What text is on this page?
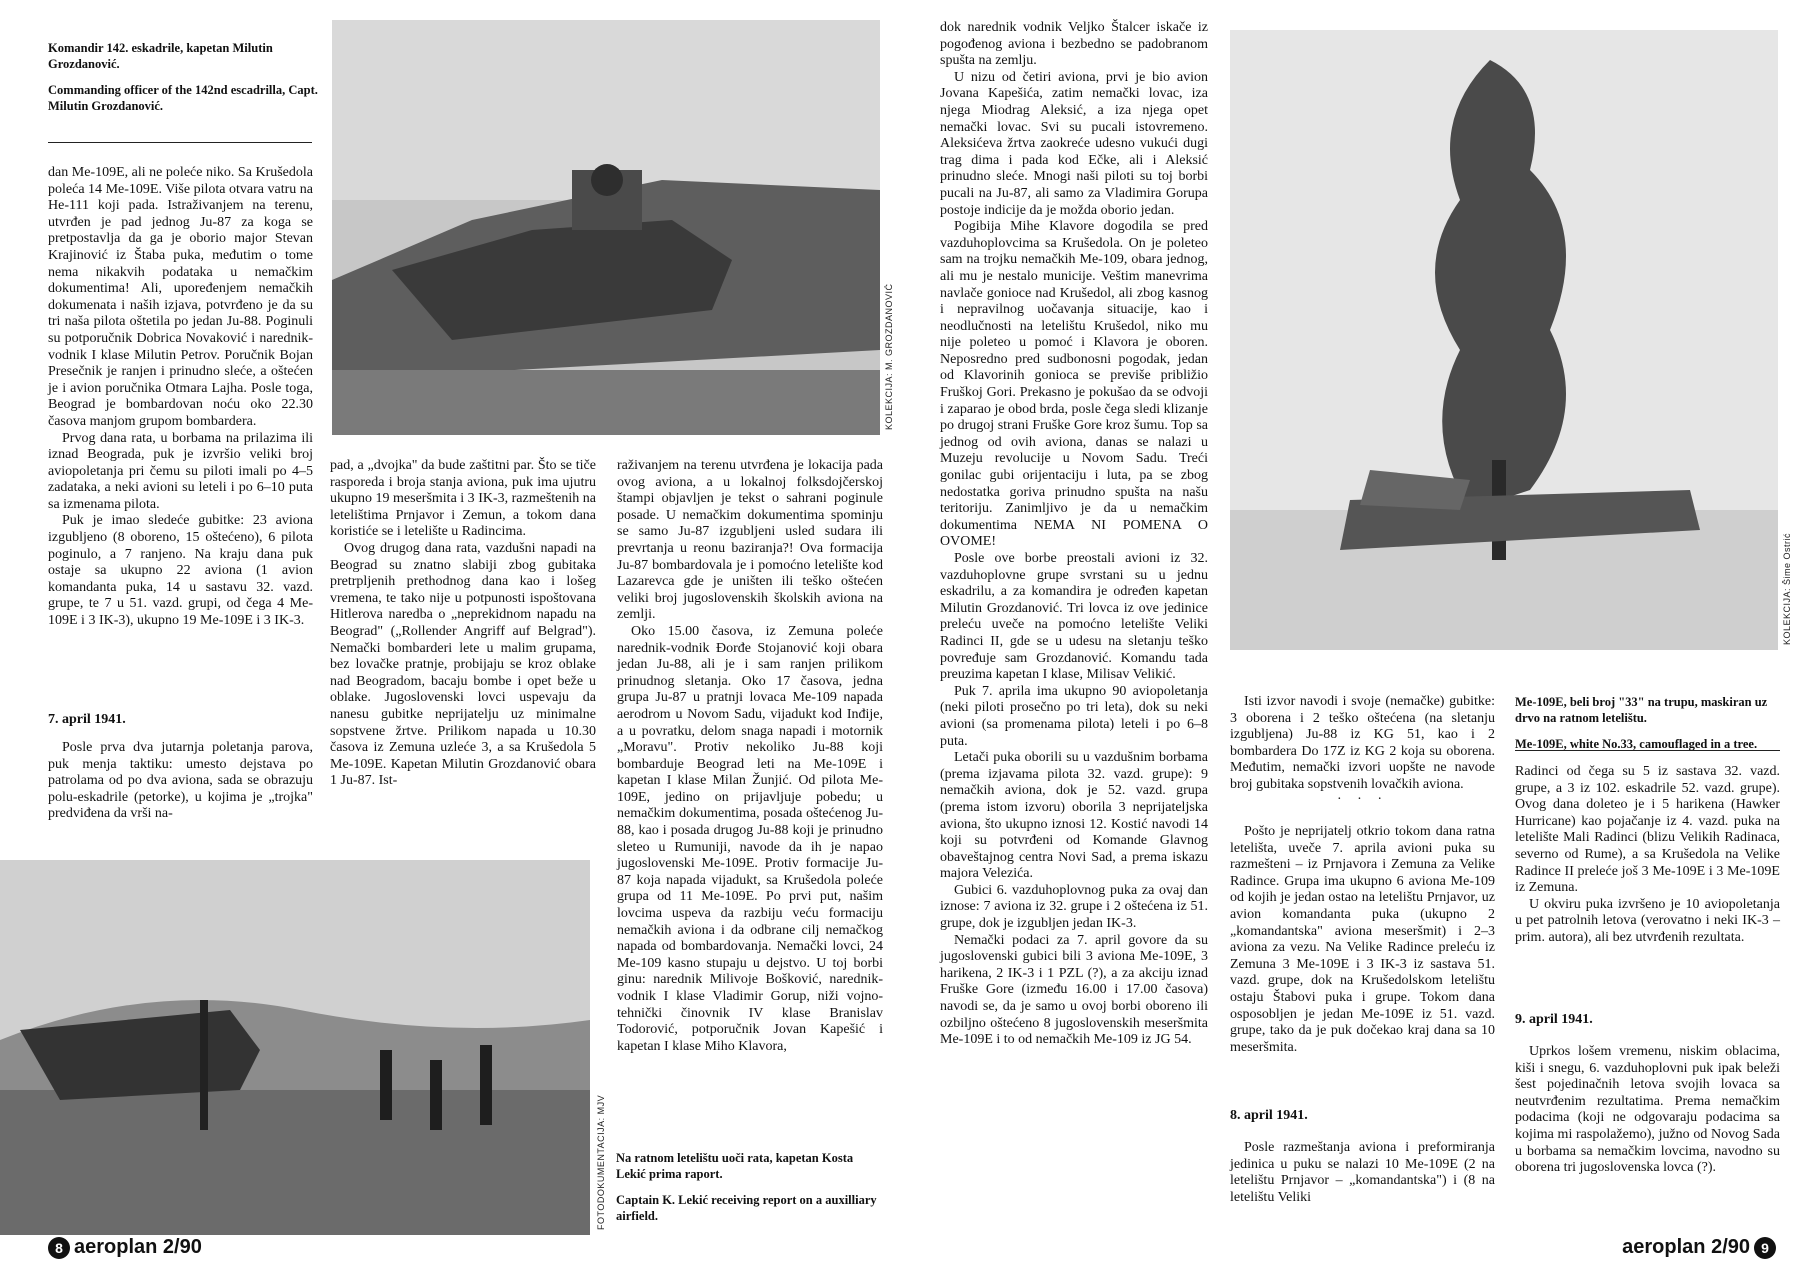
Komandir 142. eskadrile, kapetan Milutin Grozdanović.

Commanding officer of the 142nd escadrilla, Capt. Milutin Grozdanović.

KOLEKCIJA: M. GROZDANOVIĆ

dan Me-109E, ali ne poleće niko. Sa Krušedola poleća 14 Me-109E. Više pilota otvara vatru na He-111 koji pada. Istraživanjem na terenu, utvrđen je pad jednog Ju-87 za koga se pretpostavlja da ga je oborio major Stevan Krajinović iz Štaba puka, međutim o tome nema nikakvih podataka u nemačkim dokumentima! Ali, upoređenjem nemačkih dokumenata i naših izjava, potvrđeno je da su tri naša pilota oštetila po jedan Ju-88. Poginuli su potporučnik Dobrica Novaković i narednik-vodnik I klase Milutin Petrov. Poručnik Bojan Presečnik je ranjen i prinudno sleće, a oštećen je i avion poručnika Otmara Lajha. Posle toga, Beograd je bombardovan noću oko 22.30 časova manjom grupom bombardera.

Prvog dana rata, u borbama na prilazima ili iznad Beograda, puk je izvršio veliki broj aviopoletanja pri čemu su piloti imali po 4–5 zadataka, a neki avioni su leteli i po 6–10 puta sa izmenama pilota.

Puk je imao sledeće gubitke: 23 aviona izgubljeno (8 oboreno, 15 oštećeno), 6 pilota poginulo, a 7 ranjeno. Na kraju dana puk ostaje sa ukupno 22 aviona (1 avion komandanta puka, 14 u sastavu 32. vazd. grupe, te 7 u 51. vazd. grupi, od čega 4 Me-109E i 3 IK-3), ukupno 19 Me-109E i 3 IK-3.

7. april 1941.

Posle prva dva jutarnja poletanja parova, puk menja taktiku: umesto dejstava po patrolama od po dva aviona, sada se obrazuju polu-eskadrile (petorke), u kojima je „trojka" predviđena da vrši na-

pad, a „dvojka" da bude zaštitni par. Što se tiče rasporeda i broja stanja aviona, puk ima ujutru ukupno 19 meseršmita i 3 IK-3, razmeštenih na letelištima Prnjavor i Zemun, a tokom dana koristiće se i letelište u Radincima.

Ovog drugog dana rata, vazdušni napadi na Beograd su znatno slabiji zbog gubitaka pretrpljenih prethodnog dana kao i lošeg vremena, te tako nije u potpunosti ispoštovana Hitlerova naredba o „neprekidnom napadu na Beograd" („Rollender Angriff auf Belgrad"). Nemački bombarderi lete u malim grupama, bez lovačke pratnje, probijaju se kroz oblake nad Beogradom, bacaju bombe i opet beže u oblake. Jugoslovenski lovci uspevaju da nanesu gubitke neprijatelju uz minimalne sopstvene žrtve. Prilikom napada u 10.30 časova iz Zemuna uzleće 3, a sa Krušedola 5 Me-109E. Kapetan Milutin Grozdanović obara 1 Ju-87. Ist-

raživanjem na terenu utvrđena je lokacija pada ovog aviona, a u lokalnoj folksdojčerskoj štampi objavljen je tekst o sahrani poginule posade. U nemačkim dokumentima spominju se samo Ju-87 izgubljeni usled sudara ili prevrtanja u reonu baziranja?! Ova formacija Ju-87 bombardovala je i pomoćno letelište kod Lazarevca gde je uništen ili teško oštećen veliki broj jugoslovenskih školskih aviona na zemlji.

Oko 15.00 časova, iz Zemuna poleće narednik-vodnik Đorđe Stojanović koji obara jedan Ju-88, ali je i sam ranjen prilikom prinudnog sletanja. Oko 17 časova, jedna grupa Ju-87 u pratnji lovaca Me-109 napada aerodrom u Novom Sadu, vijadukt kod Inđije, a u povratku, delom snaga napadi i motornik „Moravu". Protiv nekoliko Ju-88 koji bombarduje Beograd leti na Me-109E i kapetan I klase Milan Žunjić. Od pilota Me-109E, jedino on prijavljuje pobedu; u nemačkim dokumentima, posada oštećenog Ju-88, kao i posada drugog Ju-88 koji je prinudno sleteo u Rumuniji, navode da ih je napao jugoslovenski Me-109E. Protiv formacije Ju-87 koja napada vijadukt, sa Krušedola poleće grupa od 11 Me-109E. Po prvi put, našim lovcima uspeva da razbiju veću formaciju nemačkih aviona i da odbrane cilj nemačkog napada od bombardovanja. Nemački lovci, 24 Me-109 kasno stupaju u dejstvo. U toj borbi ginu: narednik Milivoje Bošković, narednik-vodnik I klase Vladimir Gorup, niži vojno-tehnički činovnik IV klase Branislav Todorović, potporučnik Jovan Kapešić i kapetan I klase Miho Klavora,

FOTODOKUMENTACIJA: MJV Na ratnom letelištu uoči rata, kapetan Kosta Lekić prima raport.

Captain K. Lekić receiving report on a auxilliary airfield.

8 aeroplan 2/90

dok narednik vodnik Veljko Štalcer iskače iz pogođenog aviona i bezbedno se padobranom spušta na zemlju.

U nizu od četiri aviona, prvi je bio avion Jovana Kapešića, zatim nemački lovac, iza njega Miodrag Aleksić, a iza njega opet nemački lovac. Svi su pucali istovremeno. Aleksićeva žrtva zaokreće udesno vukući dugi trag dima i pada kod Ečke, ali i Aleksić prinudno sleće. Mnogi naši piloti su toj borbi pucali na Ju-87, ali samo za Vladimira Gorupa postoje indicije da je možda oborio jedan.

Pogibija Mihe Klavore dogodila se pred vazduhoplovcima sa Krušedola. On je poleteo sam na trojku nemačkih Me-109, obara jednog, ali mu je nestalo municije. Veštim manevrima navlače gonioce nad Krušedol, ali zbog kasnog i nepravilnog uočavanja situacije, kao i neodlučnosti na letelištu Krušedol, niko mu nije poleteo u pomoć i Klavora je oboren. Neposredno pred sudbonosni pogodak, jedan od Klavorinih gonioca se previše približio Fruškoj Gori. Prekasno je pokušao da se odvoji i zaparao je obod brda, posle čega sledi klizanje po drugoj strani Fruške Gore kroz šumu. Top sa jednog od ovih aviona, danas se nalazi u Muzeju revolucije u Novom Sadu. Treći gonilac gubi orijentaciju i luta, pa se zbog nedostatka goriva prinudno spušta na našu teritoriju. Zanimljivo je da u nemačkim dokumentima NEMA NI POMENA O OVOME!

Posle ove borbe preostali avioni iz 32. vazduhoplovne grupe svrstani su u jednu eskadrilu, a za komandira je određen kapetan Milutin Grozdanović. Tri lovca iz ove jedinice preleću uveče na pomoćno letelište Veliki Radinci II, gde se u udesu na sletanju teško povređuje sam Grozdanović. Komandu tada preuzima kapetan I klase, Milisav Velikić.

Puk 7. aprila ima ukupno 90 aviopoletanja (neki piloti prosečno po tri leta), dok su neki avioni (sa promenama pilota) leteli i po 6–8 puta.

Letači puka oborili su u vazdušnim borbama (prema izjavama pilota 32. vazd. grupe): 9 nemačkih aviona, dok je 52. vazd. grupa (prema istom izvoru) oborila 3 neprijateljska aviona, što ukupno iznosi 12. Kostić navodi 14 koji su potvrđeni od Komande Glavnog obaveštajnog centra Novi Sad, a prema iskazu majora Velezića.

Gubici 6. vazduhoplovnog puka za ovaj dan iznose: 7 aviona iz 32. grupe i 2 oštećena iz 51. grupe, dok je izgubljen jedan IK-3.

Nemački podaci za 7. april govore da su jugoslovenski gubici bili 3 aviona Me-109E, 3 harikena, 2 IK-3 i 1 PZL (?), a za akciju iznad Fruške Gore (između 16.00 i 17.00 časova) navodi se, da je samo u ovoj borbi oboreno ili ozbiljno oštećeno 8 jugoslovenskih meseršmita Me-109E i to od nemačkih Me-109 iz JG 54.

KOLEKCIJA: Šime Ostrić

Isti izvor navodi i svoje (nemačke) gubitke: 3 oborena i 2 teško oštećena (na sletanju izgubljena) Ju-88 iz KG 51, kao i 2 bombardera Do 17Z iz KG 2 koja su oborena. Međutim, nemački izvori uopšte ne navode broj gubitaka sopstvenih lovačkih aviona.

· · ·

Pošto je neprijatelj otkrio tokom dana ratna letelišta, uveče 7. aprila avioni puka su razmešteni – iz Prnjavora i Zemuna za Velike Radince. Grupa ima ukupno 6 aviona Me-109 od kojih je jedan ostao na letelištu Prnjavor, uz avion komandanta puka (ukupno 2 „komandantska" aviona meseršmit) i 2–3 aviona za vezu. Na Velike Radince preleću iz Zemuna 3 Me-109E i 3 IK-3 iz sastava 51. vazd. grupe, dok na Krušedolskom letelištu ostaju Štabovi puka i grupe. Tokom dana osposobljen je jedan Me-109E iz 51. vazd. grupe, tako da je puk dočekao kraj dana sa 10 meseršmita.

8. april 1941.

Posle razmeštanja aviona i preformiranja jedinica u puku se nalazi 10 Me-109E (2 na letelištu Prnjavor – „komandantska") i (8 na letelištu Veliki

Me-109E, beli broj "33" na trupu, maskiran uz drvo na ratnom letelištu.

Me-109E, white No.33, camouflaged in a tree.

Radinci od čega su 5 iz sastava 32. vazd. grupe, a 3 iz 102. eskadrile 52. vazd. grupe). Ovog dana doleteo je i 5 harikena (Hawker Hurricane) kao pojačanje iz 4. vazd. puka na letelište Mali Radinci (blizu Velikih Radinaca, severno od Rume), a sa Krušedola na Velike Radince II preleće još 3 Me-109E i 3 Me-109E iz Zemuna.

U okviru puka izvršeno je 10 aviopoletanja u pet patrolnih letova (verovatno i neki IK-3 – prim. autora), ali bez utvrđenih rezultata.

9. april 1941.

Uprkos lošem vremenu, niskim oblacima, kiši i snegu, 6. vazduhoplovni puk ipak beleži šest pojedinačnih letova svojih lovaca sa neutvrđenim rezultatima. Prema nemačkim podacima (koji ne odgovaraju podacima sa kojima mi raspolažemo), južno od Novog Sada u borbama sa nemačkim lovcima, navodno su oborena tri jugoslovenska lovca (?).

aeroplan 2/90 9
